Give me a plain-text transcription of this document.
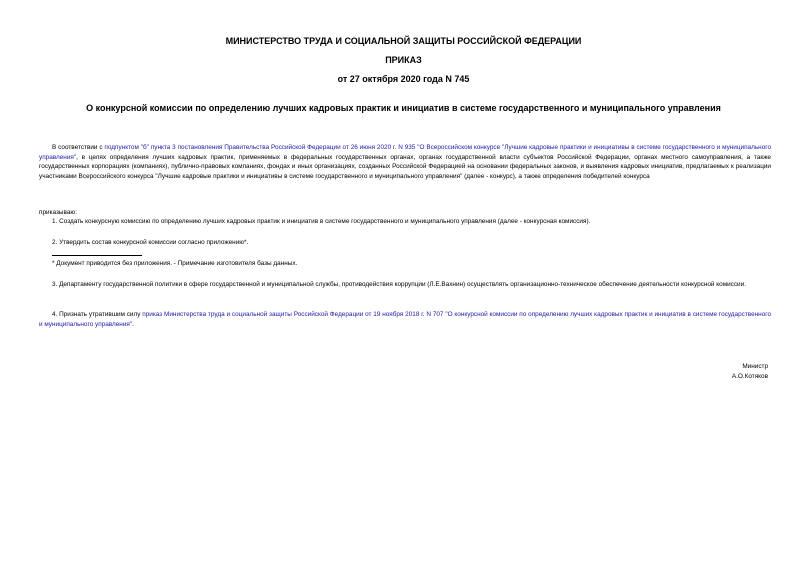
МИНИСТЕРСТВО ТРУДА И СОЦИАЛЬНОЙ ЗАЩИТЫ РОССИЙСКОЙ ФЕДЕРАЦИИ
ПРИКАЗ
от 27 октября 2020 года N 745
О конкурсной комиссии по определению лучших кадровых практик и инициатив в системе государственного и муниципального управления
В соответствии с подпунктом "б" пункта 3 постановления Правительства Российской Федерации от 26 июня 2020 г. N 935 "О Всероссийском конкурсе "Лучшие кадровые практики и инициативы в системе государственного и муниципального управления", в целях определения лучших кадровых практик, применяемых в федеральных государственных органах, органах государственной власти субъектов Российской Федерации, органах местного самоуправления, а также государственных корпорациях (компаниях), публично-правовых компаниях, фондах и иных организациях, созданных Российской Федерацией на основании федеральных законов, и выявления кадровых инициатив, предлагаемых к реализации участниками Всероссийского конкурса "Лучшие кадровые практики и инициативы в системе государственного и муниципального управления" (далее - конкурс), а также определения победителей конкурса
приказываю:
1. Создать конкурсную комиссию по определению лучших кадровых практик и инициатив в системе государственного и муниципального управления (далее - конкурсная комиссия).
2. Утвердить состав конкурсной комиссии согласно приложению*.
* Документ приводится без приложения. - Примечание изготовителя базы данных.
3. Департаменту государственной политики в сфере государственной и муниципальной службы, противодействия коррупции (Л.Е.Вахнин) осуществлять организационно-техническое обеспечение деятельности конкурсной комиссии.
4. Признать утратившим силу приказ Министерства труда и социальной защиты Российской Федерации от 19 ноября 2018 г. N 707 "О конкурсной комиссии по определению лучших кадровых практик и инициатив в системе государственного и муниципального управления".
Министр
А.О.Котяков
